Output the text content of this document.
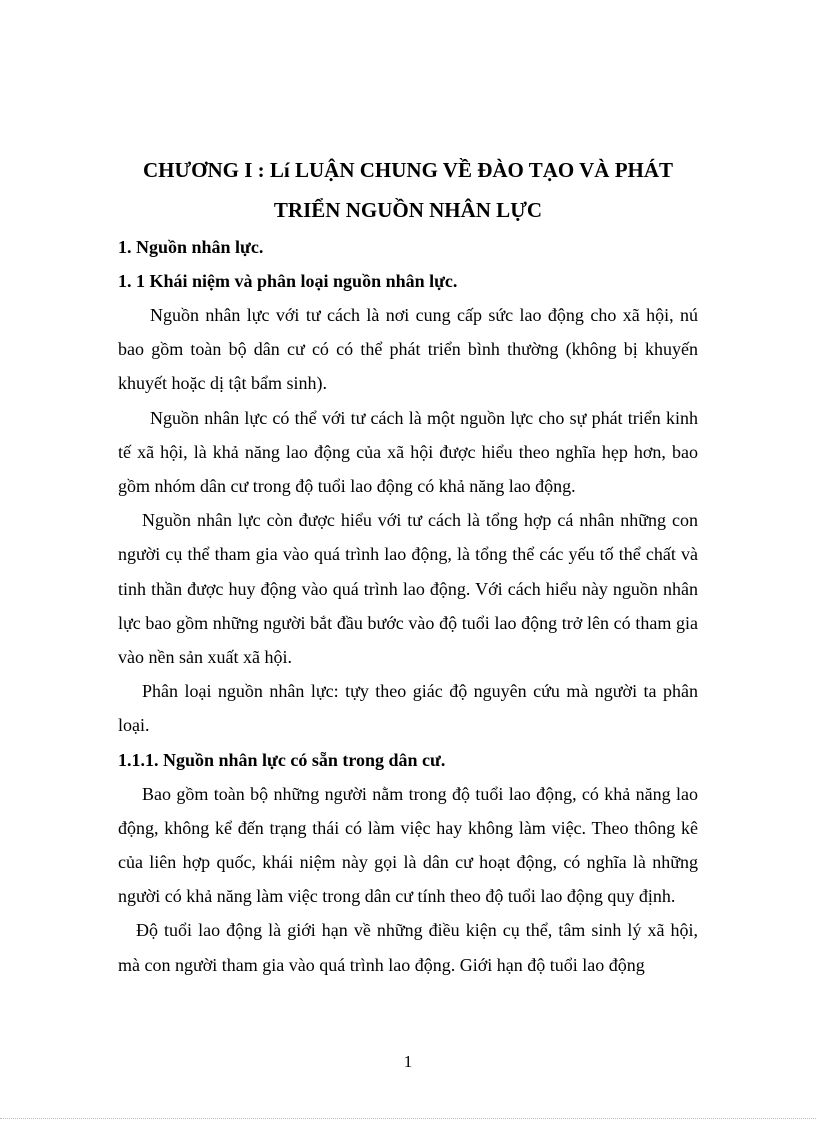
CHƯƠNG I : Lí LUẬN CHUNG VỀ ĐÀO TẠO VÀ PHÁT

TRIỂN NGUỒN NHÂN LỰC

1. Nguồn nhân lực.

1. 1 Khái niệm và phân loại nguồn nhân lực.

Nguồn nhân lực với tư cách là nơi cung cấp sức lao động cho xã hội, nú bao gồm toàn bộ dân cư có có thể phát triển bình thường (không bị khuyến khuyết hoặc dị tật bẩm sinh).

Nguồn nhân lực có thể với tư cách là một nguồn lực cho sự phát triển kinh tế xã hội, là khả năng lao động của xã hội được hiểu theo nghĩa hẹp hơn, bao gồm nhóm dân cư trong độ tuổi lao động có khả năng lao động.

Nguồn nhân lực còn được hiểu với tư cách là tổng hợp cá nhân những con người cụ thể tham gia vào quá trình lao động, là tổng thể các yếu tố thể chất và tinh thần được huy động vào quá trình lao động. Với cách hiểu này nguồn nhân lực bao gồm những người bắt đầu bước vào độ tuổi lao động trở lên có tham gia vào nền sản xuất xã hội.

Phân loại nguồn nhân lực: tựy theo giác độ nguyên cứu mà người ta phân loại.

1.1.1. Nguồn nhân lực có sẵn trong dân cư.

Bao gồm toàn bộ những người nằm trong độ tuổi lao động, có khả năng lao động, không kể đến trạng thái có làm việc hay không làm việc. Theo thông kê của liên hợp quốc, khái niệm này gọi là dân cư hoạt động, có nghĩa là những người có khả năng làm việc trong dân cư tính theo độ tuổi lao động quy định.

Độ tuổi lao động là giới hạn về những điều kiện cụ thể, tâm sinh lý xã hội, mà con người tham gia vào quá trình lao động. Giới hạn độ tuổi lao động

1
